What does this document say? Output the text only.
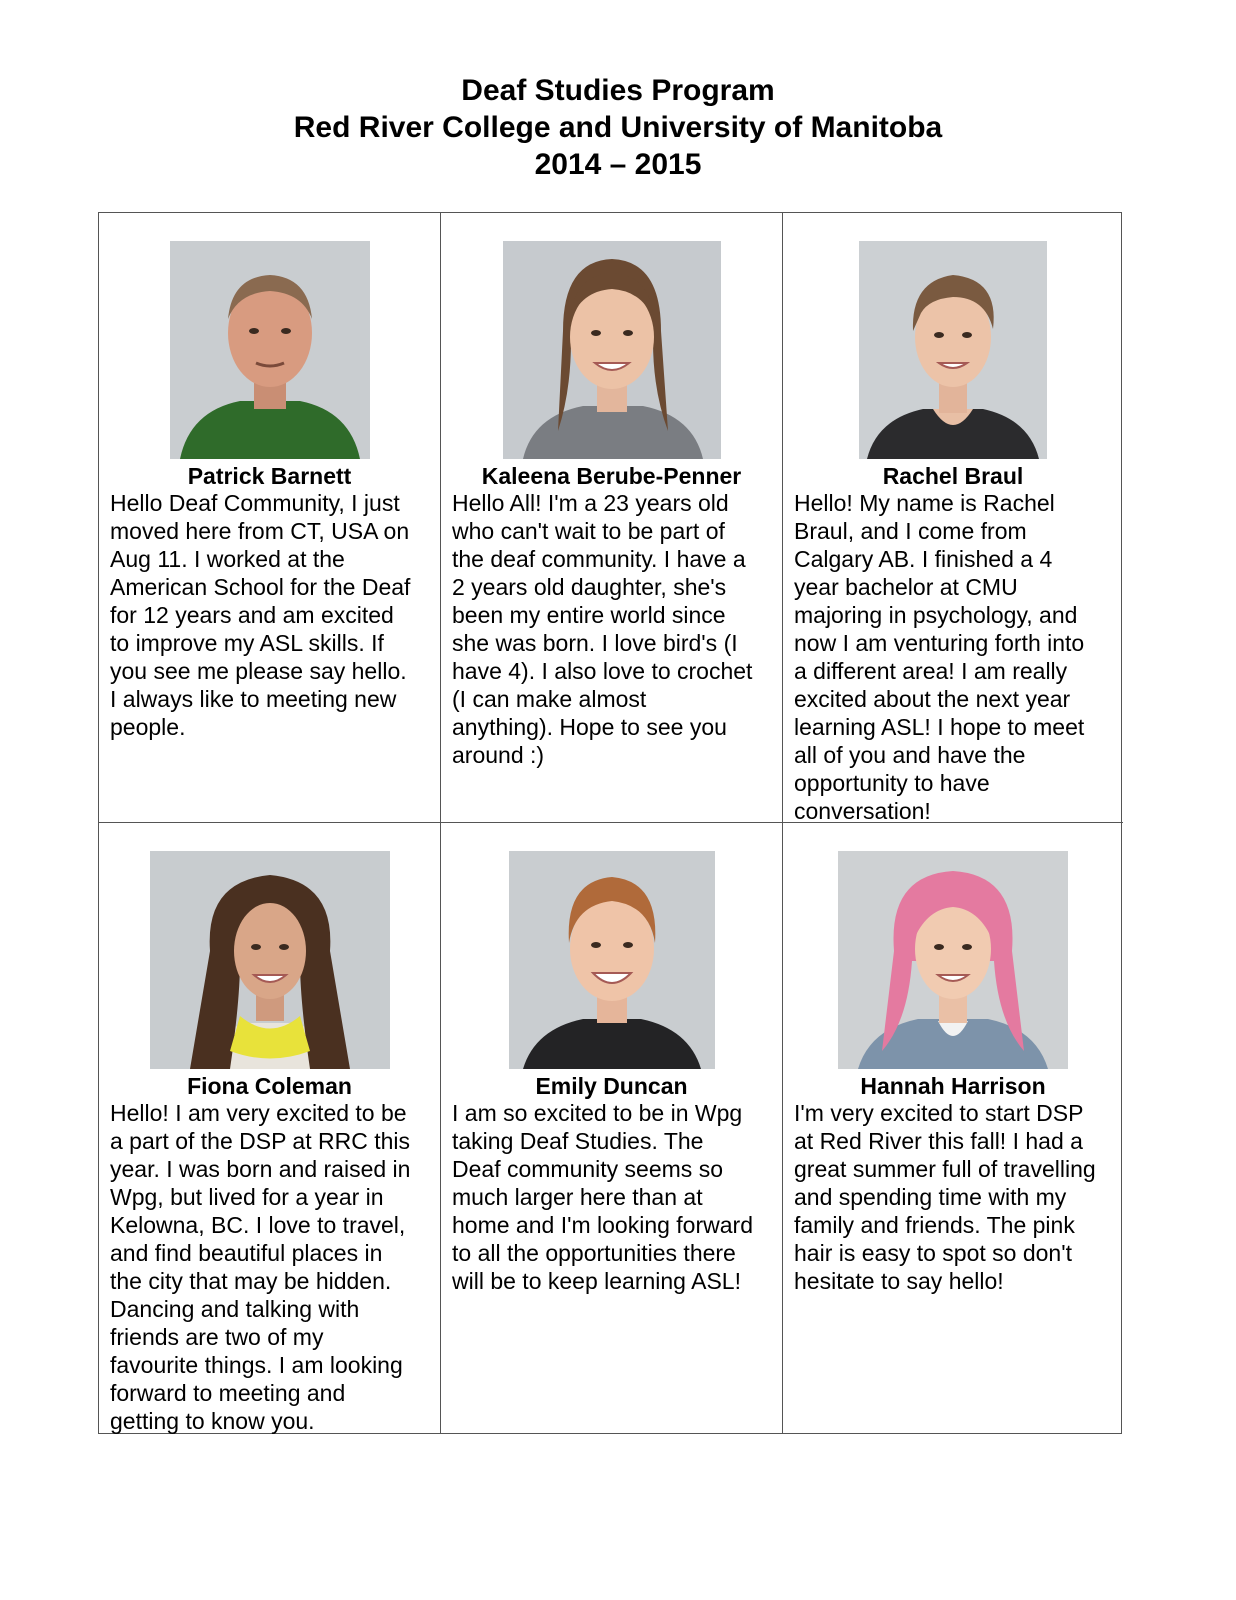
Deaf Studies Program
Red River College and University of Manitoba
2014 – 2015
Patrick Barnett
Hello Deaf Community, I just
moved here from CT, USA on
Aug 11. I worked at the
American School for the Deaf
for 12 years and am excited
to improve my ASL skills. If
you see me please say hello.
I always like to meeting new
people.
Kaleena Berube-Penner
Hello All! I'm a 23 years old
who can't wait to be part of
the deaf community. I have a
2 years old daughter, she's
been my entire world since
she was born. I love bird's (I
have 4). I also love to crochet
(I can make almost
anything). Hope to see you
around :)
Rachel Braul
Hello! My name is Rachel
Braul, and I come from
Calgary AB. I finished a 4
year bachelor at CMU
majoring in psychology, and
now I am venturing forth into
a different area! I am really
excited about the next year
learning ASL! I hope to meet
all of you and have the
opportunity to have
conversation!
Fiona Coleman
Hello! I am very excited to be
a part of the DSP at RRC this
year. I was born and raised in
Wpg, but lived for a year in
Kelowna, BC. I love to travel,
and find beautiful places in
the city that may be hidden.
Dancing and talking with
friends are two of my
favourite things. I am looking
forward to meeting and
getting to know you.
Emily Duncan
I am so excited to be in Wpg
taking Deaf Studies. The
Deaf community seems so
much larger here than at
home and I'm looking forward
to all the opportunities there
will be to keep learning ASL!
Hannah Harrison
I'm very excited to start DSP
at Red River this fall! I had a
great summer full of travelling
and spending time with my
family and friends. The pink
hair is easy to spot so don't
hesitate to say hello!
